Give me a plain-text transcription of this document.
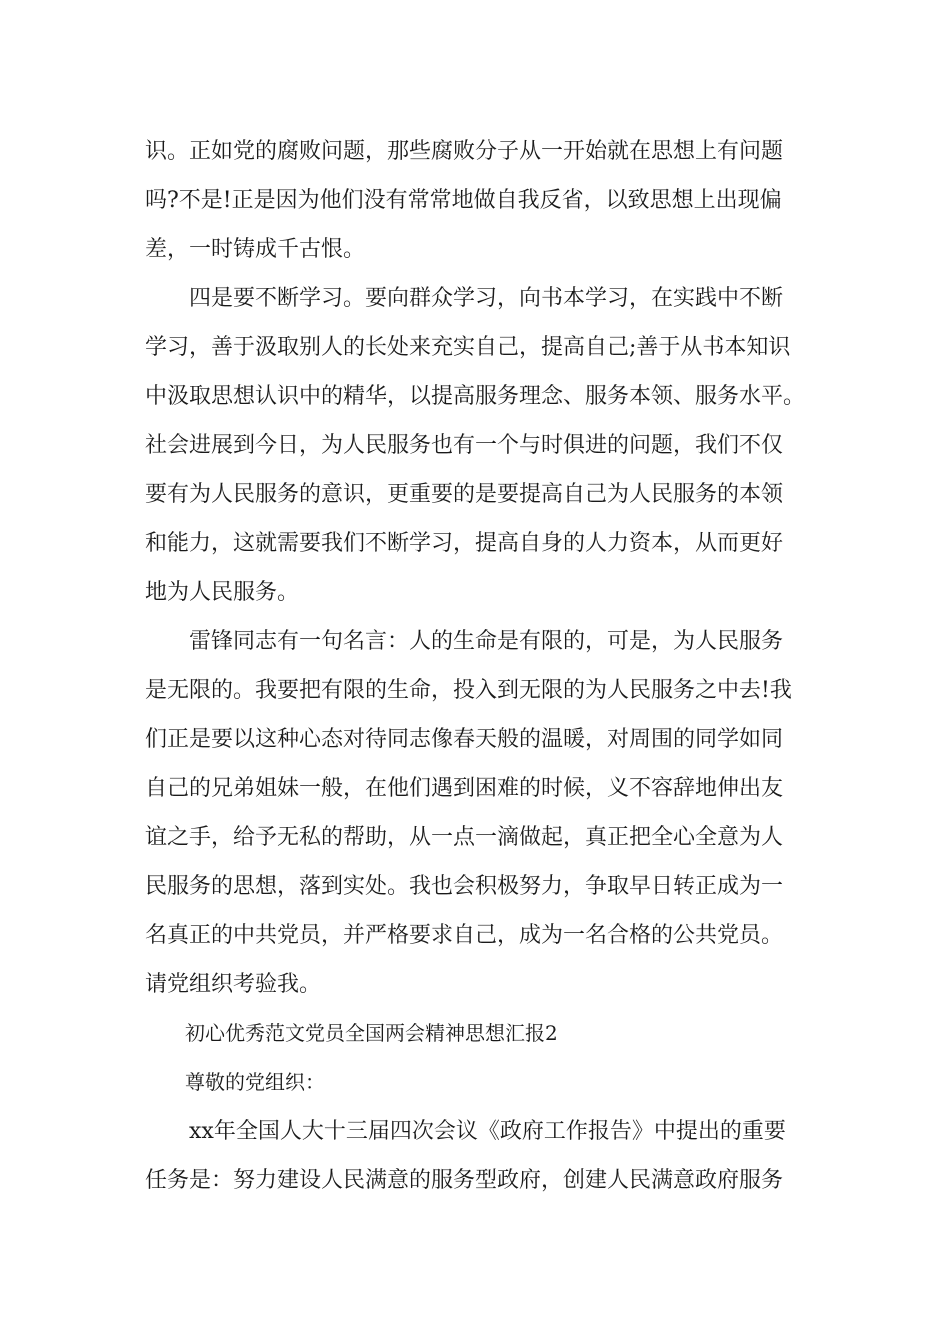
识。正如党的腐败问题，那些腐败分子从一开始就在思想上有问题
吗?不是!正是因为他们没有常常地做自我反省，以致思想上出现偏
差，一时铸成千古恨。
　　四是要不断学习。要向群众学习，向书本学习，在实践中不断
学习，善于汲取别人的长处来充实自己，提高自己;善于从书本知识
中汲取思想认识中的精华，以提高服务理念、服务本领、服务水平。
社会进展到今日，为人民服务也有一个与时俱进的问题，我们不仅
要有为人民服务的意识，更重要的是要提高自己为人民服务的本领
和能力，这就需要我们不断学习，提高自身的人力资本，从而更好
地为人民服务。
　　雷锋同志有一句名言：人的生命是有限的，可是，为人民服务
是无限的。我要把有限的生命，投入到无限的为人民服务之中去!我
们正是要以这种心态对待同志像春天般的温暖，对周围的同学如同
自己的兄弟姐妹一般，在他们遇到困难的时候，义不容辞地伸出友
谊之手，给予无私的帮助，从一点一滴做起，真正把全心全意为人
民服务的思想，落到实处。我也会积极努力，争取早日转正成为一
名真正的中共党员，并严格要求自己，成为一名合格的公共党员。
请党组织考验我。
　　初心优秀范文党员全国两会精神思想汇报2
　　尊敬的党组织：
　　xx年全国人大十三届四次会议《政府工作报告》中提出的重要
任务是：努力建设人民满意的服务型政府，创建人民满意政府服务
